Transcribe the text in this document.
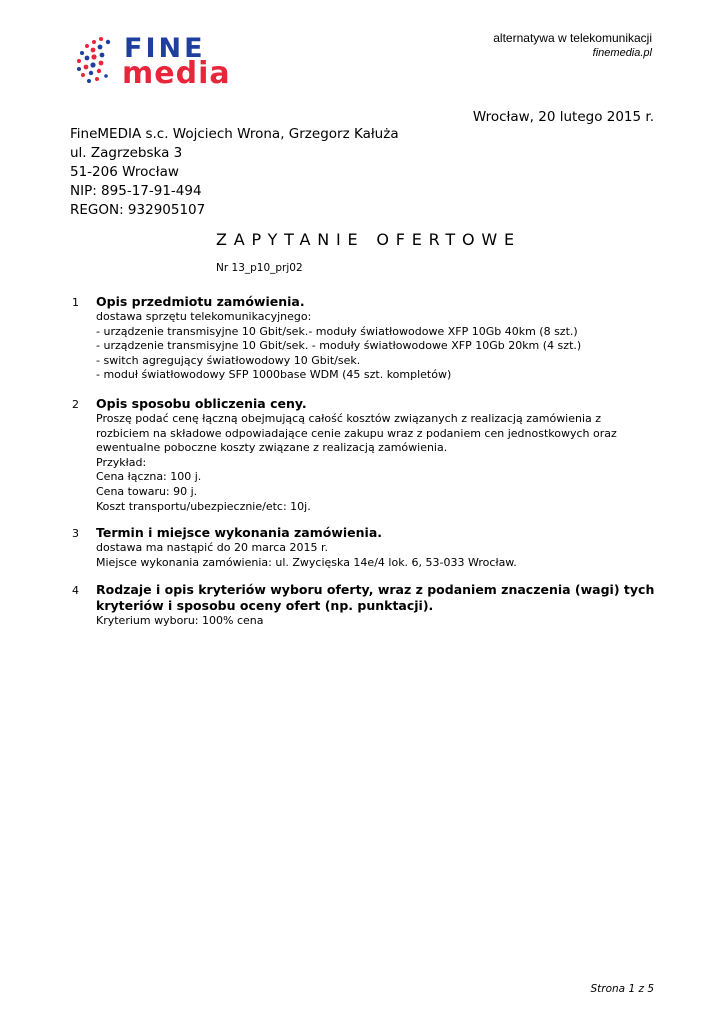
FINE
media
alternatywa w telekomunikacji
finemedia.pl
Wrocław, 20 lutego 2015 r.
FineMEDIA s.c. Wojciech Wrona, Grzegorz Kałuża
ul. Zagrzebska 3
51-206 Wrocław
NIP: 895-17-91-494
REGON: 932905107
ZAPYTANIE OFERTOWE
Nr 13_p10_prj02
1 Opis przedmiotu zamówienia.
dostawa sprzętu telekomunikacyjnego:
- urządzenie transmisyjne 10 Gbit/sek.- moduły światłowodowe XFP 10Gb 40km (8 szt.)
- urządzenie transmisyjne 10 Gbit/sek. - moduły światłowodowe XFP 10Gb 20km (4 szt.)
- switch agregujący światłowodowy 10 Gbit/sek.
- moduł światłowodowy SFP 1000base WDM (45 szt. kompletów)
2 Opis sposobu obliczenia ceny.
Proszę podać cenę łączną obejmującą całość kosztów związanych z realizacją zamówienia z
rozbiciem na składowe odpowiadające cenie zakupu wraz z podaniem cen jednostkowych oraz
ewentualne poboczne koszty związane z realizacją zamówienia.
Przykład:
Cena łączna: 100 j.
Cena towaru: 90 j.
Koszt transportu/ubezpiecznie/etc: 10j.
3 Termin i miejsce wykonania zamówienia.
dostawa ma nastąpić do 20 marca 2015 r.
Miejsce wykonania zamówienia: ul. Zwycięska 14e/4 lok. 6, 53-033 Wrocław.
4 Rodzaje i opis kryteriów wyboru oferty, wraz z podaniem znaczenia (wagi) tych kryteriów i sposobu oceny ofert (np. punktacji).
Kryterium wyboru: 100% cena
Strona 1 z 5
